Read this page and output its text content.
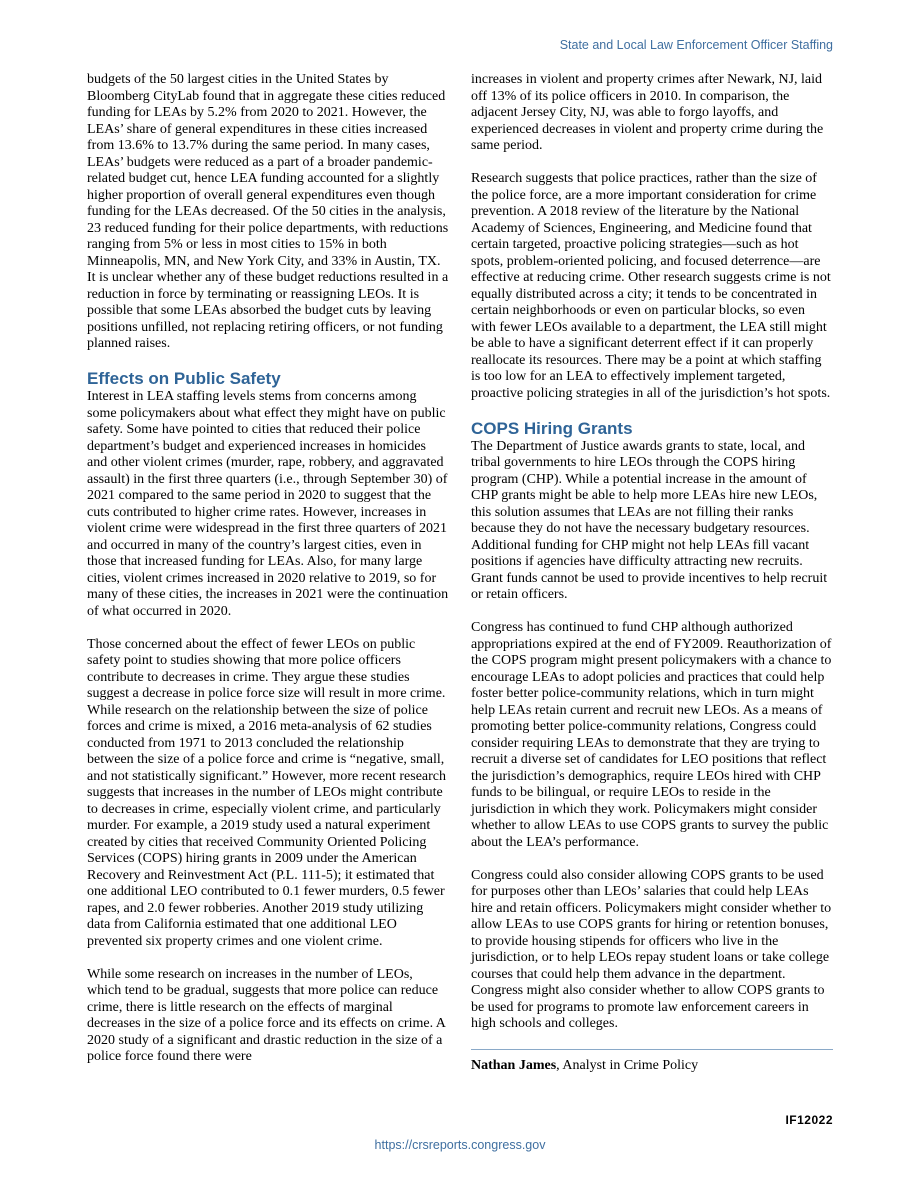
State and Local Law Enforcement Officer Staffing

budgets of the 50 largest cities in the United States by Bloomberg CityLab found that in aggregate these cities reduced funding for LEAs by 5.2% from 2020 to 2021. However, the LEAs’ share of general expenditures in these cities increased from 13.6% to 13.7% during the same period. In many cases, LEAs’ budgets were reduced as a part of a broader pandemic-related budget cut, hence LEA funding accounted for a slightly higher proportion of overall general expenditures even though funding for the LEAs decreased. Of the 50 cities in the analysis, 23 reduced funding for their police departments, with reductions ranging from 5% or less in most cities to 15% in both Minneapolis, MN, and New York City, and 33% in Austin, TX. It is unclear whether any of these budget reductions resulted in a reduction in force by terminating or reassigning LEOs. It is possible that some LEAs absorbed the budget cuts by leaving positions unfilled, not replacing retiring officers, or not funding planned raises.

Effects on Public Safety

Interest in LEA staffing levels stems from concerns among some policymakers about what effect they might have on public safety. Some have pointed to cities that reduced their police department’s budget and experienced increases in homicides and other violent crimes (murder, rape, robbery, and aggravated assault) in the first three quarters (i.e., through September 30) of 2021 compared to the same period in 2020 to suggest that the cuts contributed to higher crime rates. However, increases in violent crime were widespread in the first three quarters of 2021 and occurred in many of the country’s largest cities, even in those that increased funding for LEAs. Also, for many large cities, violent crimes increased in 2020 relative to 2019, so for many of these cities, the increases in 2021 were the continuation of what occurred in 2020.

Those concerned about the effect of fewer LEOs on public safety point to studies showing that more police officers contribute to decreases in crime. They argue these studies suggest a decrease in police force size will result in more crime. While research on the relationship between the size of police forces and crime is mixed, a 2016 meta-analysis of 62 studies conducted from 1971 to 2013 concluded the relationship between the size of a police force and crime is “negative, small, and not statistically significant.” However, more recent research suggests that increases in the number of LEOs might contribute to decreases in crime, especially violent crime, and particularly murder. For example, a 2019 study used a natural experiment created by cities that received Community Oriented Policing Services (COPS) hiring grants in 2009 under the American Recovery and Reinvestment Act (P.L. 111-5); it estimated that one additional LEO contributed to 0.1 fewer murders, 0.5 fewer rapes, and 2.0 fewer robberies. Another 2019 study utilizing data from California estimated that one additional LEO prevented six property crimes and one violent crime.

While some research on increases in the number of LEOs, which tend to be gradual, suggests that more police can reduce crime, there is little research on the effects of marginal decreases in the size of a police force and its effects on crime. A 2020 study of a significant and drastic reduction in the size of a police force found there were

increases in violent and property crimes after Newark, NJ, laid off 13% of its police officers in 2010. In comparison, the adjacent Jersey City, NJ, was able to forgo layoffs, and experienced decreases in violent and property crime during the same period.

Research suggests that police practices, rather than the size of the police force, are a more important consideration for crime prevention. A 2018 review of the literature by the National Academy of Sciences, Engineering, and Medicine found that certain targeted, proactive policing strategies—such as hot spots, problem-oriented policing, and focused deterrence—are effective at reducing crime. Other research suggests crime is not equally distributed across a city; it tends to be concentrated in certain neighborhoods or even on particular blocks, so even with fewer LEOs available to a department, the LEA still might be able to have a significant deterrent effect if it can properly reallocate its resources. There may be a point at which staffing is too low for an LEA to effectively implement targeted, proactive policing strategies in all of the jurisdiction’s hot spots.

COPS Hiring Grants

The Department of Justice awards grants to state, local, and tribal governments to hire LEOs through the COPS hiring program (CHP). While a potential increase in the amount of CHP grants might be able to help more LEAs hire new LEOs, this solution assumes that LEAs are not filling their ranks because they do not have the necessary budgetary resources. Additional funding for CHP might not help LEAs fill vacant positions if agencies have difficulty attracting new recruits. Grant funds cannot be used to provide incentives to help recruit or retain officers.

Congress has continued to fund CHP although authorized appropriations expired at the end of FY2009. Reauthorization of the COPS program might present policymakers with a chance to encourage LEAs to adopt policies and practices that could help foster better police-community relations, which in turn might help LEAs retain current and recruit new LEOs. As a means of promoting better police-community relations, Congress could consider requiring LEAs to demonstrate that they are trying to recruit a diverse set of candidates for LEO positions that reflect the jurisdiction’s demographics, require LEOs hired with CHP funds to be bilingual, or require LEOs to reside in the jurisdiction in which they work. Policymakers might consider whether to allow LEAs to use COPS grants to survey the public about the LEA’s performance.

Congress could also consider allowing COPS grants to be used for purposes other than LEOs’ salaries that could help LEAs hire and retain officers. Policymakers might consider whether to allow LEAs to use COPS grants for hiring or retention bonuses, to provide housing stipends for officers who live in the jurisdiction, or to help LEOs repay student loans or take college courses that could help them advance in the department. Congress might also consider whether to allow COPS grants to be used for programs to promote law enforcement careers in high schools and colleges.

Nathan James, Analyst in Crime Policy
IF12022
https://crsreports.congress.gov
